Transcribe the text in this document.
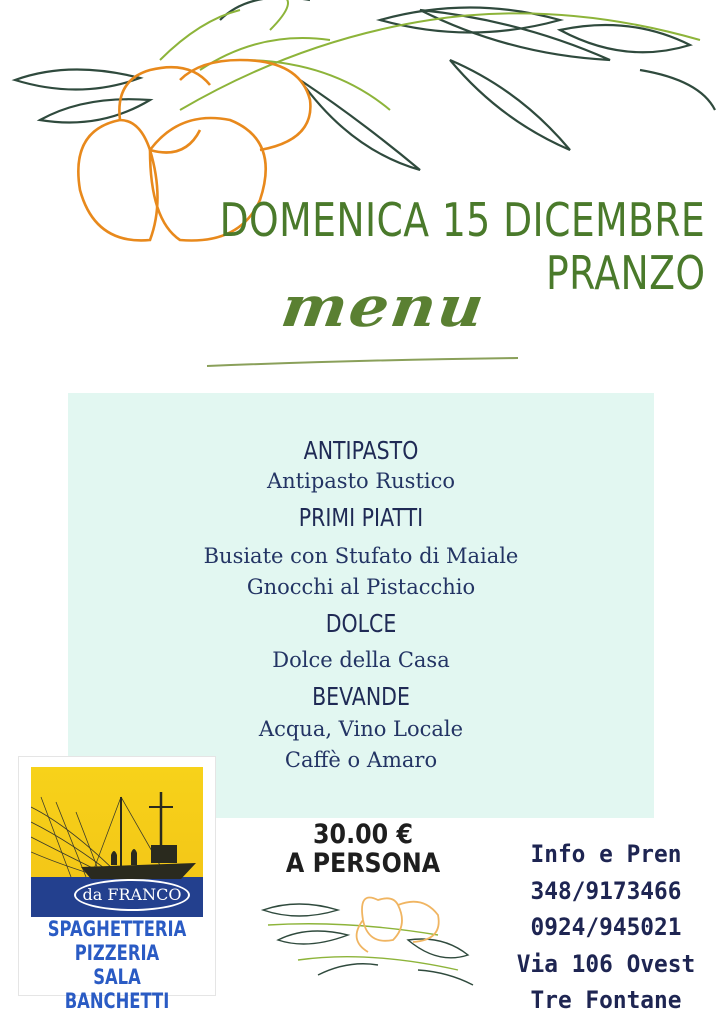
DOMENICA 15 DICEMBRE
PRANZO
menu
ANTIPASTO
Antipasto Rustico
PRIMI PIATTI
Busiate con Stufato di Maiale
Gnocchi al Pistacchio
DOLCE
Dolce della Casa
BEVANDE
Acqua, Vino Locale
Caffè o Amaro
da FRANCO
SPAGHETTERIA
PIZZERIA
SALA BANCHETTI
30.00 €
A PERSONA	Info e Pren
348/9173466
0924/945021
Via 106 Ovest
Tre Fontane
